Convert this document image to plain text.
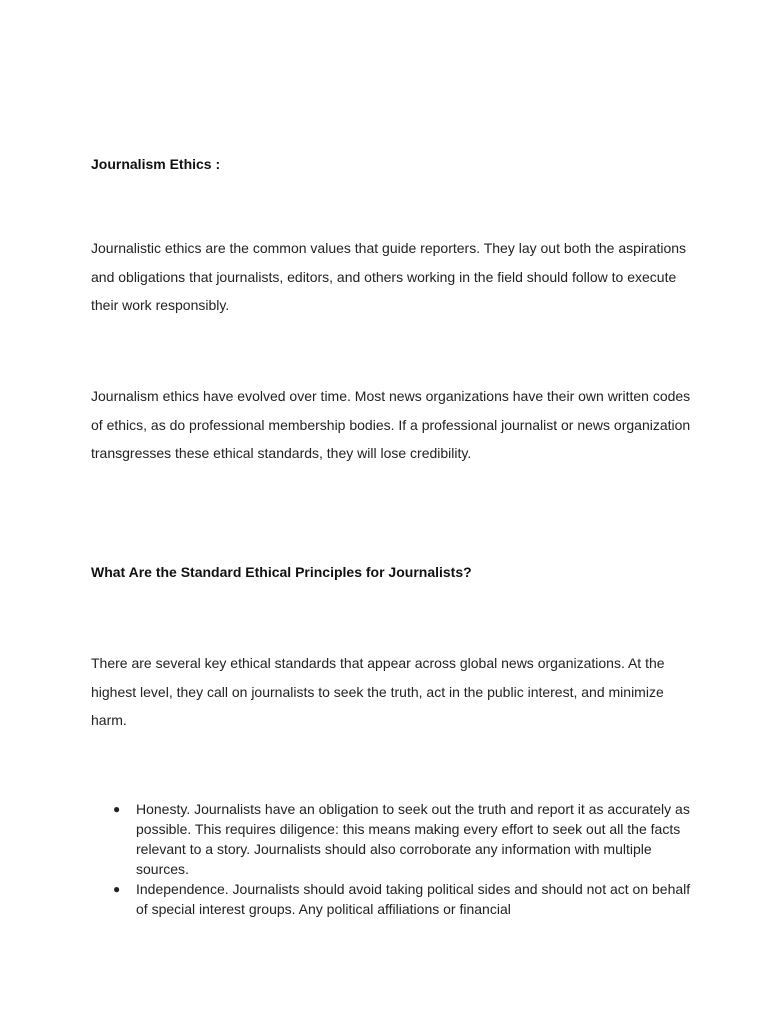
Journalism Ethics :

Journalistic ethics are the common values that guide reporters. They lay out both the aspirations and obligations that journalists, editors, and others working in the field should follow to execute their work responsibly.

Journalism ethics have evolved over time. Most news organizations have their own written codes of ethics, as do professional membership bodies. If a professional journalist or news organization transgresses these ethical standards, they will lose credibility.

What Are the Standard Ethical Principles for Journalists?

There are several key ethical standards that appear across global news organizations. At the highest level, they call on journalists to seek the truth, act in the public interest, and minimize harm.

● Honesty. Journalists have an obligation to seek out the truth and report it as accurately as possible. This requires diligence: this means making every effort to seek out all the facts relevant to a story. Journalists should also corroborate any information with multiple sources.
● Independence. Journalists should avoid taking political sides and should not act on behalf of special interest groups. Any political affiliations or financial
